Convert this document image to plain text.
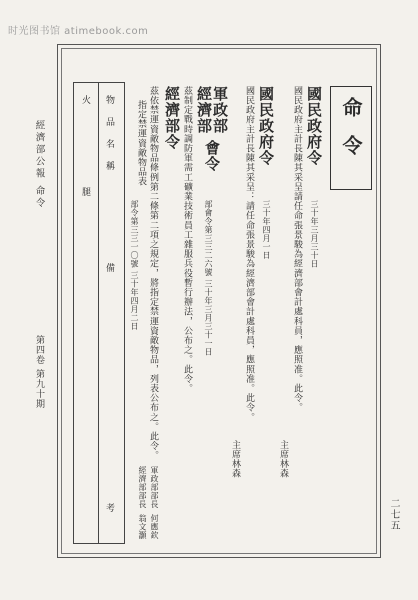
时光图书馆 atimebook.com
經濟部公報 命令
第四卷 第九十期
二七五
命令
國民政府令
三十年三月三十日
國民政府主計長陳其采呈請任命張景駿為經濟部會計處科員，應照准。此令。
主席林森
國民政府令
三十年四月一日
國民政府主計長陳其采呈：請任命張景駿為經濟部會計處科員，應照准。此令。
主席林森
軍政部
經濟部
會令
部會令第三三二六號 三十年三月三十一日
茲制定戰時調防軍需工礦業技術員工雜服兵役暫行辦法，公布之。此令。
軍政部部長
何應欽
經濟部部長
翁文灝
經濟部令
部令第三三一〇號 三十年四月二日 茲依禁運資敵物品條例第二條第二項之規定，將指定禁運資敵物品，列表公布之。此令。
指定禁運資敵物品表
物
品
名
稱
備
考
火
腿
